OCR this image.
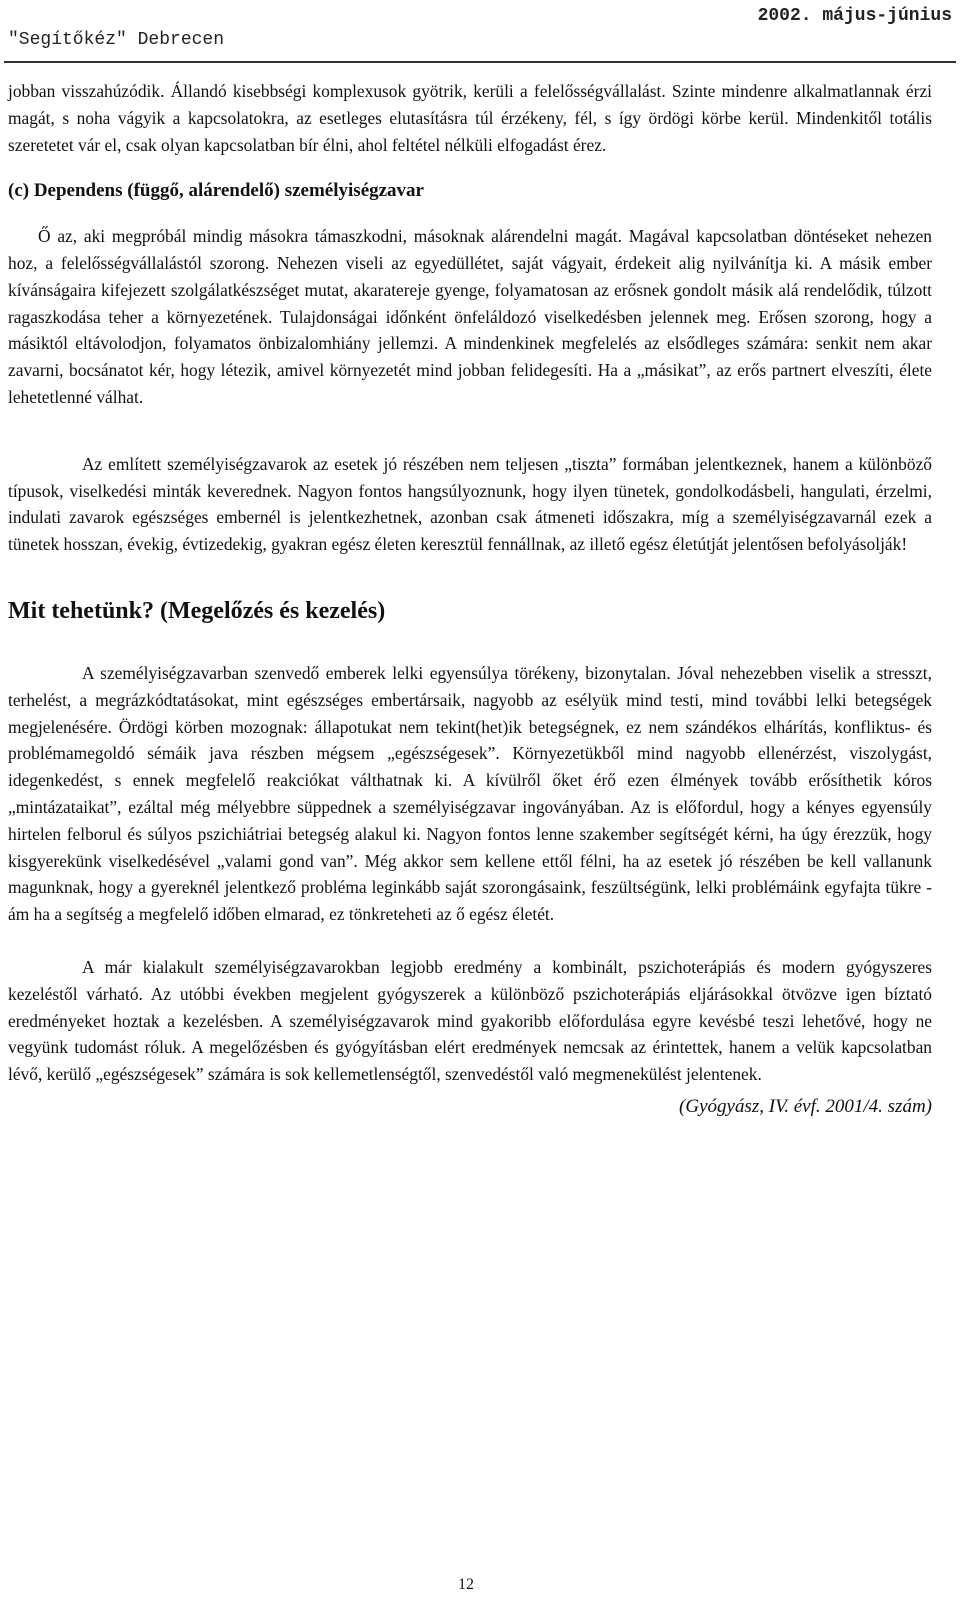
2002. május-június
"Segítőkéz" Debrecen

jobban visszahúzódik. Állandó kisebbségi komplexusok gyötrik, kerüli a felelősségvállalást. Szinte mindenre alkalmatlannak érzi magát, s noha vágyik a kapcsolatokra, az esetleges elutasításra túl érzékeny, fél, s így ördögi körbe kerül. Mindenkitől totális szeretetet vár el, csak olyan kapcsolatban bír élni, ahol feltétel nélküli elfogadást érez.

(c) Dependens (függő, alárendelő) személyiségzavar

Ő az, aki megpróbál mindig másokra támaszkodni, másoknak alárendelni magát. Magával kapcsolatban döntéseket nehezen hoz, a felelősségvállalástól szorong. Nehezen viseli az egyedüllétet, saját vágyait, érdekeit alig nyilvánítja ki. A másik ember kívánságaira kifejezett szolgálatkészséget mutat, akaratereje gyenge, folyamatosan az erősnek gondolt másik alá rendelődik, túlzott ragaszkodása teher a környezetének. Tulajdonságai időnként önfeláldozó viselkedésben jelennek meg. Erősen szorong, hogy a másiktól eltávolodjon, folyamatos önbizalomhiány jellemzi. A mindenkinek megfelelés az elsődleges számára: senkit nem akar zavarni, bocsánatot kér, hogy létezik, amivel környezetét mind jobban felidegesíti. Ha a „másikat”, az erős partnert elveszíti, élete lehetetlenné válhat.

Az említett személyiségzavarok az esetek jó részében nem teljesen „tiszta” formában jelentkeznek, hanem a különböző típusok, viselkedési minták keverednek. Nagyon fontos hangsúlyoznunk, hogy ilyen tünetek, gondolkodásbeli, hangulati, érzelmi, indulati zavarok egészséges embernél is jelentkezhetnek, azonban csak átmeneti időszakra, míg a személyiségzavarnál ezek a tünetek hosszan, évekig, évtizedekig, gyakran egész életen keresztül fennállnak, az illető egész életútját jelentősen befolyásolják!

Mit tehetünk? (Megelőzés és kezelés)

A személyiségzavarban szenvedő emberek lelki egyensúlya törékeny, bizonytalan. Jóval nehezebben viselik a stresszt, terhelést, a megrázkódtatásokat, mint egészséges embertársaik, nagyobb az esélyük mind testi, mind további lelki betegségek megjelenésére. Ördögi körben mozognak: állapotukat nem tekint(het)ik betegségnek, ez nem szándékos elhárítás, konfliktus- és problémamegoldó sémáik java részben mégsem „egészségesek”. Környezetükből mind nagyobb ellenérzést, viszolygást, idegenkedést, s ennek megfelelő reakciókat válthatnak ki. A kívülről őket érő ezen élmények tovább erősíthetik kóros „mintázataikat”, ezáltal még mélyebbre süppednek a személyiségzavar ingoványában. Az is előfordul, hogy a kényes egyensúly hirtelen felborul és súlyos pszichiátriai betegség alakul ki. Nagyon fontos lenne szakember segítségét kérni, ha úgy érezzük, hogy kisgyerekünk viselkedésével „valami gond van”. Még akkor sem kellene ettől félni, ha az esetek jó részében be kell vallanunk magunknak, hogy a gyereknél jelentkező probléma leginkább saját szorongásaink, feszültségünk, lelki problémáink egyfajta tükre - ám ha a segítség a megfelelő időben elmarad, ez tönkreteheti az ő egész életét.

A már kialakult személyiségzavarokban legjobb eredmény a kombinált, pszichoterápiás és modern gyógyszeres kezeléstől várható. Az utóbbi években megjelent gyógyszerek a különböző pszichoterápiás eljárásokkal ötvözve igen bíztató eredményeket hoztak a kezelésben. A személyiségzavarok mind gyakoribb előfordulása egyre kevésbé teszi lehetővé, hogy ne vegyünk tudomást róluk. A megelőzésben és gyógyításban elért eredmények nemcsak az érintettek, hanem a velük kapcsolatban lévő, kerülő „egészségesek” számára is sok kellemetlenségtől, szenvedéstől való megmenekülést jelentenek.

(Gyógyász, IV. évf. 2001/4. szám)

12
